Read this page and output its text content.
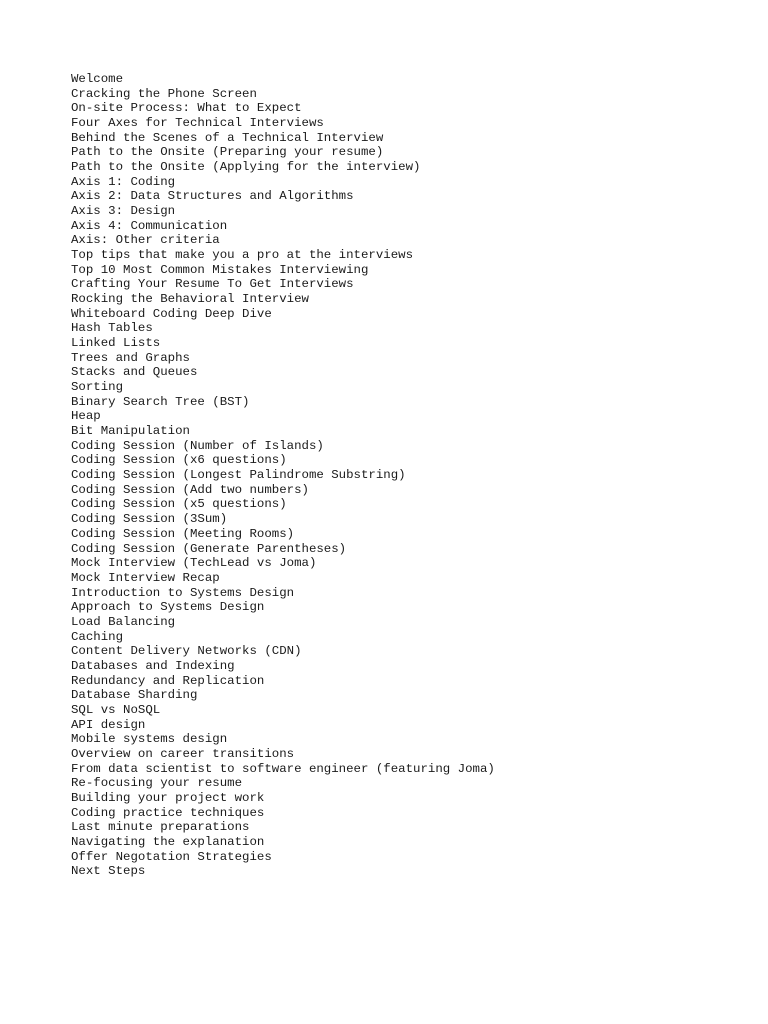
Welcome
Cracking the Phone Screen
On-site Process: What to Expect
Four Axes for Technical Interviews
Behind the Scenes of a Technical Interview
Path to the Onsite (Preparing your resume)
Path to the Onsite (Applying for the interview)
Axis 1: Coding
Axis 2: Data Structures and Algorithms
Axis 3: Design
Axis 4: Communication
Axis: Other criteria
Top tips that make you a pro at the interviews
Top 10 Most Common Mistakes Interviewing
Crafting Your Resume To Get Interviews
Rocking the Behavioral Interview
Whiteboard Coding Deep Dive
Hash Tables
Linked Lists
Trees and Graphs
Stacks and Queues
Sorting
Binary Search Tree (BST)
Heap
Bit Manipulation
Coding Session (Number of Islands)
Coding Session (x6 questions)
Coding Session (Longest Palindrome Substring)
Coding Session (Add two numbers)
Coding Session (x5 questions)
Coding Session (3Sum)
Coding Session (Meeting Rooms)
Coding Session (Generate Parentheses)
Mock Interview (TechLead vs Joma)
Mock Interview Recap
Introduction to Systems Design
Approach to Systems Design
Load Balancing
Caching
Content Delivery Networks (CDN)
Databases and Indexing
Redundancy and Replication
Database Sharding
SQL vs NoSQL
API design
Mobile systems design
Overview on career transitions
From data scientist to software engineer (featuring Joma)
Re-focusing your resume
Building your project work
Coding practice techniques
Last minute preparations
Navigating the explanation
Offer Negotation Strategies
Next Steps
